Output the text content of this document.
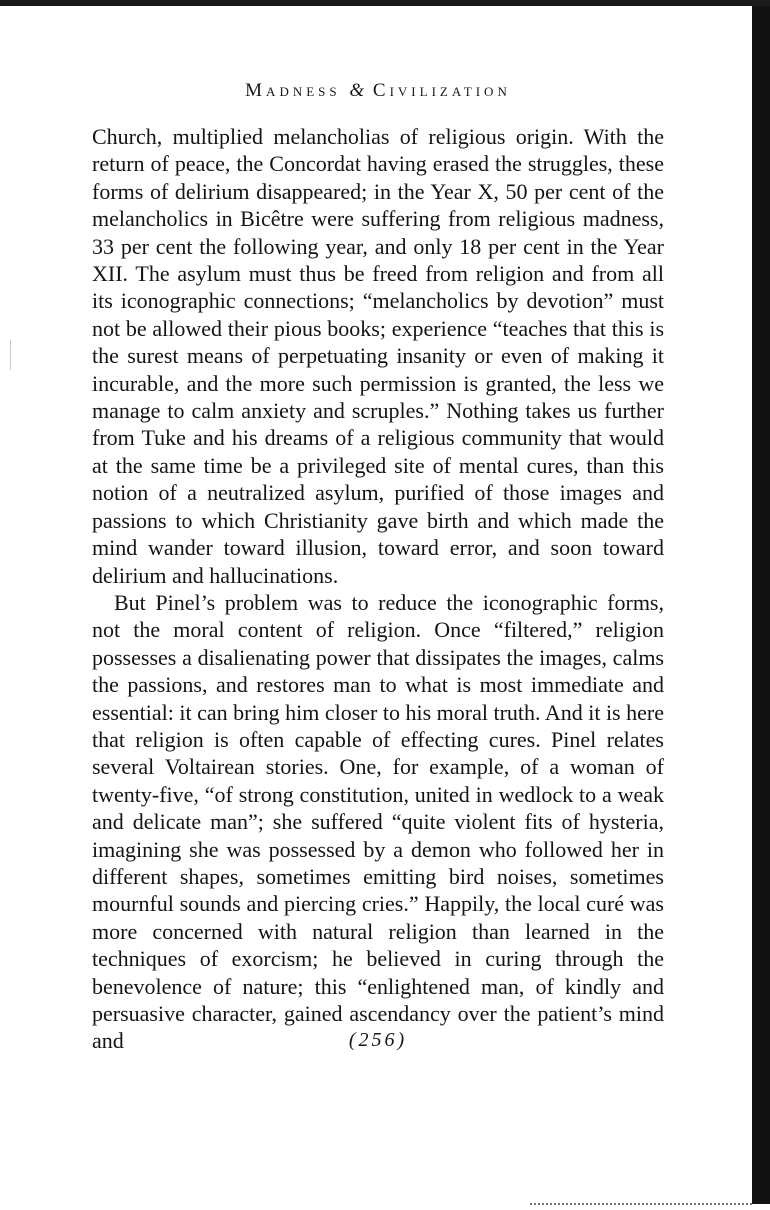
Madness & Civilization

Church, multiplied melancholias of religious origin. With the return of peace, the Concordat having erased the struggles, these forms of delirium disappeared; in the Year X, 50 per cent of the melancholics in Bicêtre were suffering from religious madness, 33 per cent the following year, and only 18 per cent in the Year XII. The asylum must thus be freed from religion and from all its iconographic connections; “melancholics by devotion” must not be allowed their pious books; experience “teaches that this is the surest means of perpetuating insanity or even of making it incurable, and the more such permission is granted, the less we manage to calm anxiety and scruples.” Nothing takes us further from Tuke and his dreams of a religious community that would at the same time be a privileged site of mental cures, than this notion of a neutralized asylum, purified of those images and passions to which Christianity gave birth and which made the mind wander toward illusion, toward error, and soon toward delirium and hallucinations.

But Pinel’s problem was to reduce the iconographic forms, not the moral content of religion. Once “filtered,” religion possesses a disalienating power that dissipates the images, calms the passions, and restores man to what is most immediate and essential: it can bring him closer to his moral truth. And it is here that religion is often capable of effecting cures. Pinel relates several Voltairean stories. One, for example, of a woman of twenty-five, “of strong constitution, united in wedlock to a weak and delicate man”; she suffered “quite violent fits of hysteria, imagining she was possessed by a demon who followed her in different shapes, sometimes emitting bird noises, sometimes mournful sounds and piercing cries.” Happily, the local curé was more concerned with natural religion than learned in the techniques of exorcism; he believed in curing through the benevolence of nature; this “enlightened man, of kindly and persuasive character, gained ascendancy over the patient’s mind and	(256)
